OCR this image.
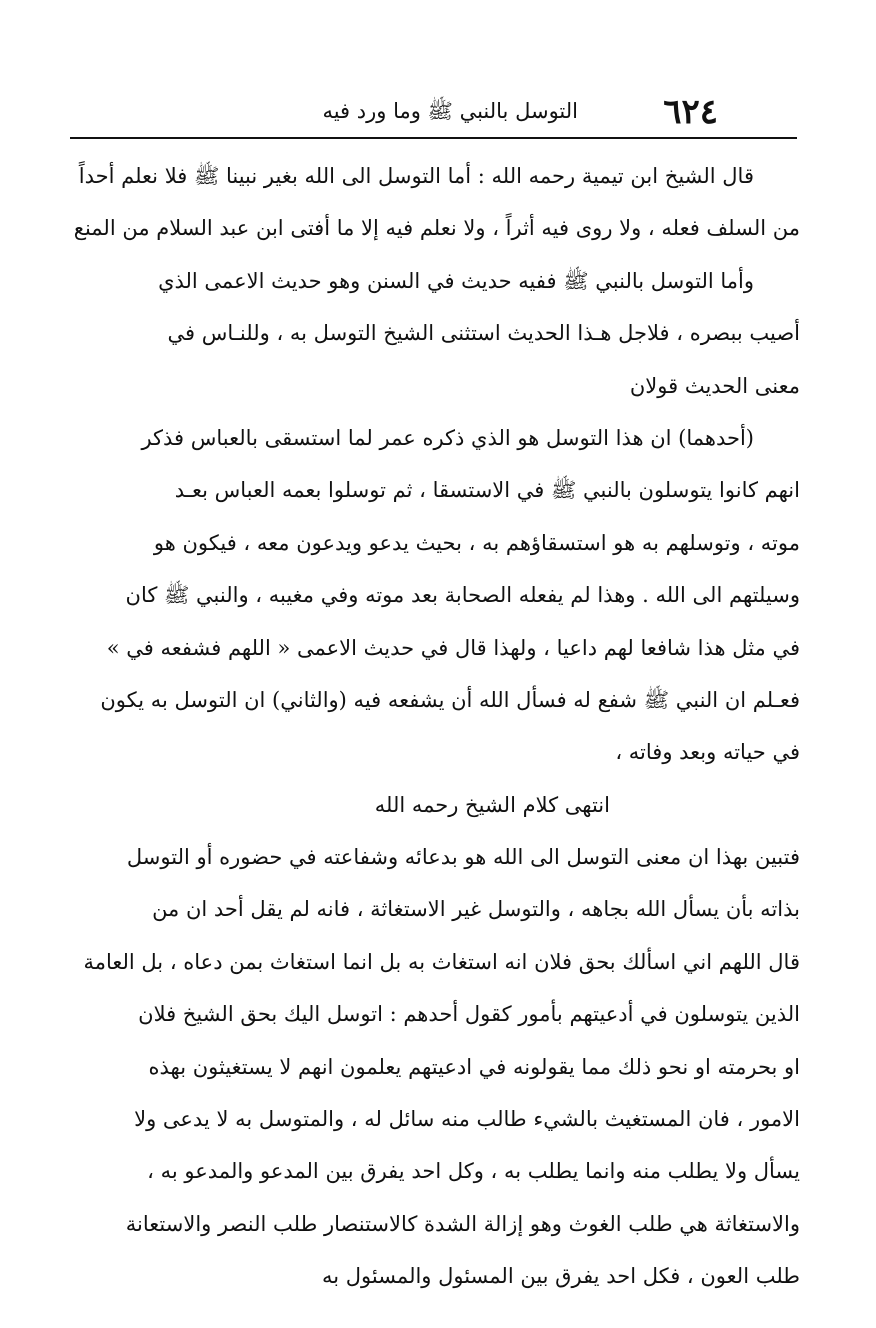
٦٢٤
التوسل بالنبي ﷺ وما ورد فيه
قال الشيخ ابن تيمية رحمه الله : أما التوسل الى الله بغير نبينا ﷺ فلا نعلم أحداً
من السلف فعله ، ولا روى فيه أثراً ، ولا نعلم فيه إلا ما أفتى ابن عبد السلام من المنع
وأما التوسل بالنبي ﷺ ففيه حديث في السنن وهو حديث الاعمى الذي
أصيب ببصره ، فلاجل هـذا الحديث استثنى الشيخ التوسل به ، وللنـاس في
معنى الحديث قولان
(أحدهما) ان هذا التوسل هو الذي ذكره عمر لما استسقى بالعباس فذكر
انهم كانوا يتوسلون بالنبي ﷺ في الاستسقا ، ثم توسلوا بعمه العباس بعـد
موته ، وتوسلهم به هو استسقاؤهم به ، بحيث يدعو ويدعون معه ، فيكون هو
وسيلتهم الى الله . وهذا لم يفعله الصحابة بعد موته وفي مغيبه ، والنبي ﷺ كان
في مثل هذا شافعا لهم داعيا ، ولهذا قال في حديث الاعمى « اللهم فشفعه في »
فعـلم ان النبي ﷺ شفع له فسأل الله أن يشفعه فيه (والثاني) ان التوسل به يكون
في حياته وبعد وفاته ،
انتهى كلام الشيخ رحمه الله
فتبين بهذا ان معنى التوسل الى الله هو بدعائه وشفاعته في حضوره أو التوسل
بذاته بأن يسأل الله بجاهه ، والتوسل غير الاستغاثة ، فانه لم يقل أحد ان من
قال اللهم اني اسألك بحق فلان انه استغاث به بل انما استغاث بمن دعاه ، بل العامة
الذين يتوسلون في أدعيتهم بأمور كقول أحدهم : اتوسل اليك بحق الشيخ فلان
او بحرمته او نحو ذلك مما يقولونه في ادعيتهم يعلمون انهم لا يستغيثون بهذه
الامور ، فان المستغيث بالشيء طالب منه سائل له ، والمتوسل به لا يدعى ولا
يسأل ولا يطلب منه وانما يطلب به ، وكل احد يفرق بين المدعو والمدعو به ،
والاستغاثة هي طلب الغوث وهو إزالة الشدة كالاستنصار طلب النصر والاستعانة
طلب العون ، فكل احد يفرق بين المسئول والمسئول به
